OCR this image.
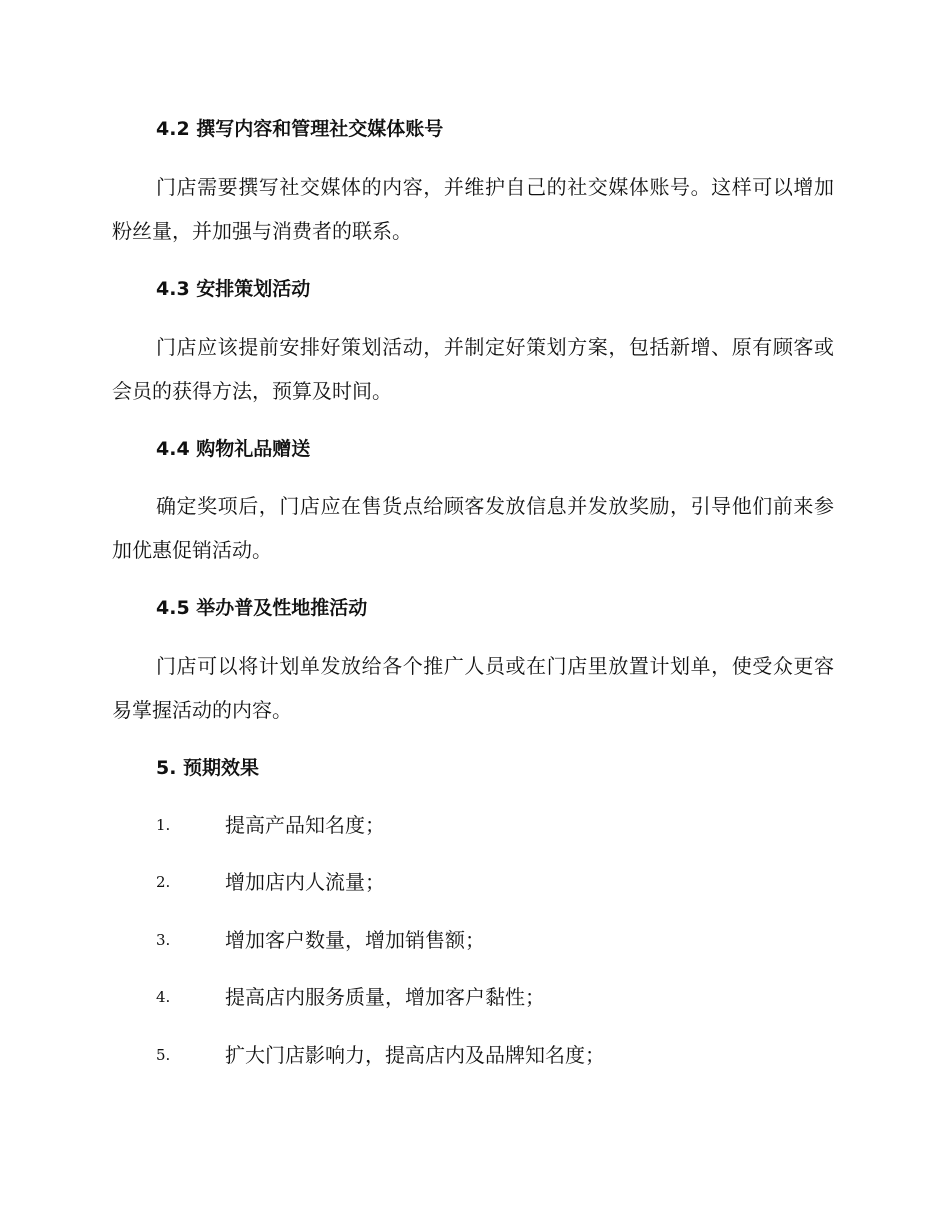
4.2 撰写内容和管理社交媒体账号
门店需要撰写社交媒体的内容，并维护自己的社交媒体账号。这样可以增加粉丝量，并加强与消费者的联系。
4.3 安排策划活动
门店应该提前安排好策划活动，并制定好策划方案，包括新增、原有顾客或会员的获得方法，预算及时间。
4.4 购物礼品赠送
确定奖项后，门店应在售货点给顾客发放信息并发放奖励，引导他们前来参加优惠促销活动。
4.5 举办普及性地推活动
门店可以将计划单发放给各个推广人员或在门店里放置计划单，使受众更容易掌握活动的内容。
5. 预期效果
1.	提高产品知名度；
2.	增加店内人流量；
3.	增加客户数量，增加销售额；
4.	提高店内服务质量，增加客户黏性；
5.	扩大门店影响力，提高店内及品牌知名度；
